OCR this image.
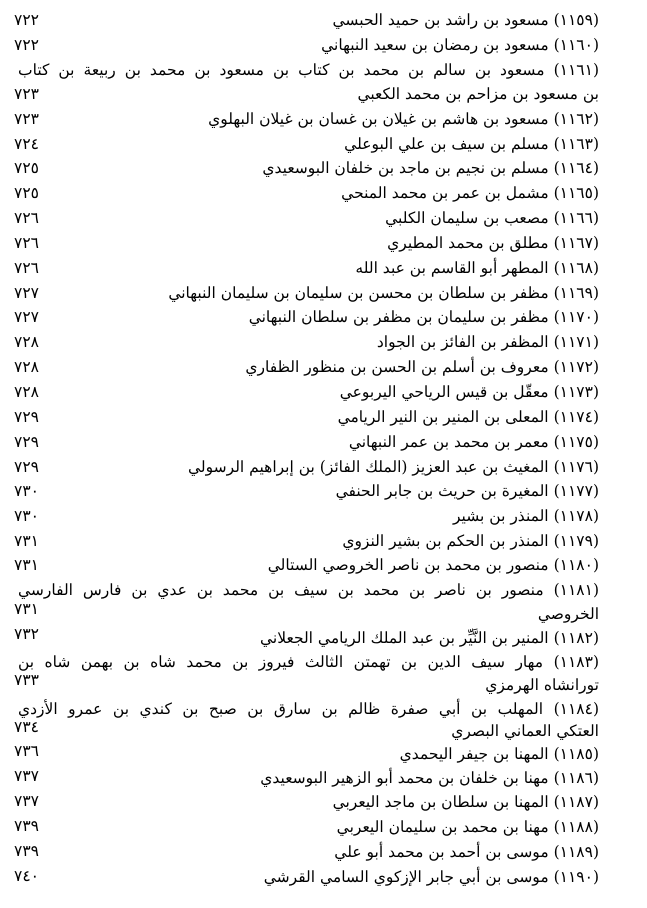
(١١٥٩) مسعود بن راشد بن حميد الحبسي
٧٢٢
(١١٦٠) مسعود بن رمضان بن سعيد النبهاني
٧٢٢
(١١٦١) مسعود بن سالم بن محمد بن كتاب بن مسعود بن محمد بن ربيعة بن كتاب
بن مسعود بن مزاحم بن محمد الكعبي
٧٢٣
(١١٦٢) مسعود بن هاشم بن غيلان بن غسان بن غيلان البهلوي
٧٢٣
(١١٦٣) مسلم بن سيف بن علي البوعلي
٧٢٤
(١١٦٤) مسلم بن نجيم بن ماجد بن خلفان البوسعيدي
٧٢٥
(١١٦٥) مشمل بن عمر بن محمد المنحي
٧٢٥
(١١٦٦) مصعب بن سليمان الكلبي
٧٢٦
(١١٦٧) مطلق بن محمد المطيري
٧٢٦
(١١٦٨) المطهر أبو القاسم بن عبد الله
٧٢٦
(١١٦٩) مظفر بن سلطان بن محسن بن سليمان بن سليمان النبهاني
٧٢٧
(١١٧٠) مظفر بن سليمان بن مظفر بن سلطان النبهاني
٧٢٧
(١١٧١) المظفر بن الفائز بن الجواد
٧٢٨
(١١٧٢) معروف بن أسلم بن الحسن بن منظور الظفاري
٧٢٨
(١١٧٣) معقّل بن قيس الرياحي اليربوعي
٧٢٨
(١١٧٤) المعلى بن المنير بن النير الريامي
٧٢٩
(١١٧٥) معمر بن محمد بن عمر النبهاني
٧٢٩
(١١٧٦) المغيث بن عبد العزيز (الملك الفائز) بن إبراهيم الرسولي
٧٢٩
(١١٧٧) المغيرة بن حريث بن جابر الحنفي
٧٣٠
(١١٧٨) المنذر بن بشير
٧٣٠
(١١٧٩) المنذر بن الحكم بن بشير النزوي
٧٣١
(١١٨٠) منصور بن محمد بن ناصر الخروصي الستالي
٧٣١
(١١٨١) منصور بن ناصر بن محمد بن سيف بن محمد بن عدي بن فارس الفارسي
الخروصي
٧٣١
(١١٨٢) المنير بن النَّيِّر بن عبد الملك الريامي الجعلاني
٧٣٢
(١١٨٣) مهار سيف الدين بن تهمتن الثالث فيروز بن محمد شاه بن بهمن شاه بن
تورانشاه الهرمزي
٧٣٣
(١١٨٤) المهلب بن أبي صفرة ظالم بن سارق بن صبح بن كندي بن عمرو الأزدي
العتكي العماني البصري
٧٣٤
(١١٨٥) المهنا بن جيفر اليحمدي
٧٣٦
(١١٨٦) مهنا بن خلفان بن محمد أبو الزهير البوسعيدي
٧٣٧
(١١٨٧) المهنا بن سلطان بن ماجد اليعربي
٧٣٧
(١١٨٨) مهنا بن محمد بن سليمان اليعربي
٧٣٩
(١١٨٩) موسى بن أحمد بن محمد أبو علي
٧٣٩
(١١٩٠) موسى بن أبي جابر الإزكوي السامي القرشي
٧٤٠
